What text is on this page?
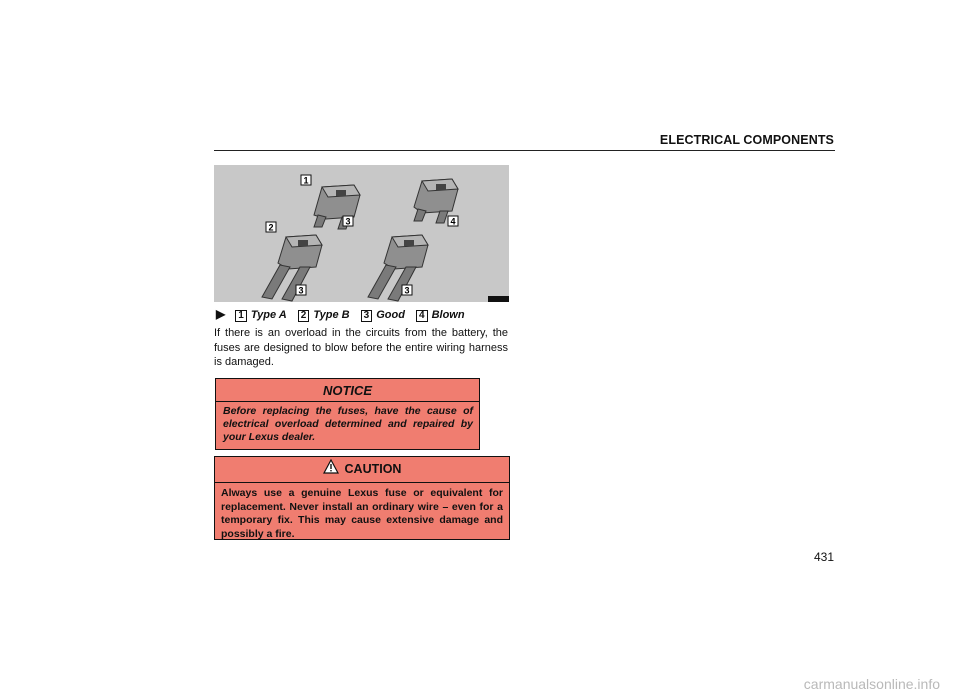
ELECTRICAL COMPONENTS
1
2
3
3
4
3
▶ 1 Type A 2 Type B 3 Good 4 Blown
If there is an overload in the circuits from the battery, the fuses are designed to blow before the entire wiring harness is damaged.
NOTICE
Before replacing the fuses, have the cause of electrical overload determined and repaired by your Lexus dealer.
CAUTION
Always use a genuine Lexus fuse or equivalent for replacement. Never install an ordinary wire – even for a temporary fix. This may cause extensive damage and possibly a fire.
431
carmanualsonline.info
